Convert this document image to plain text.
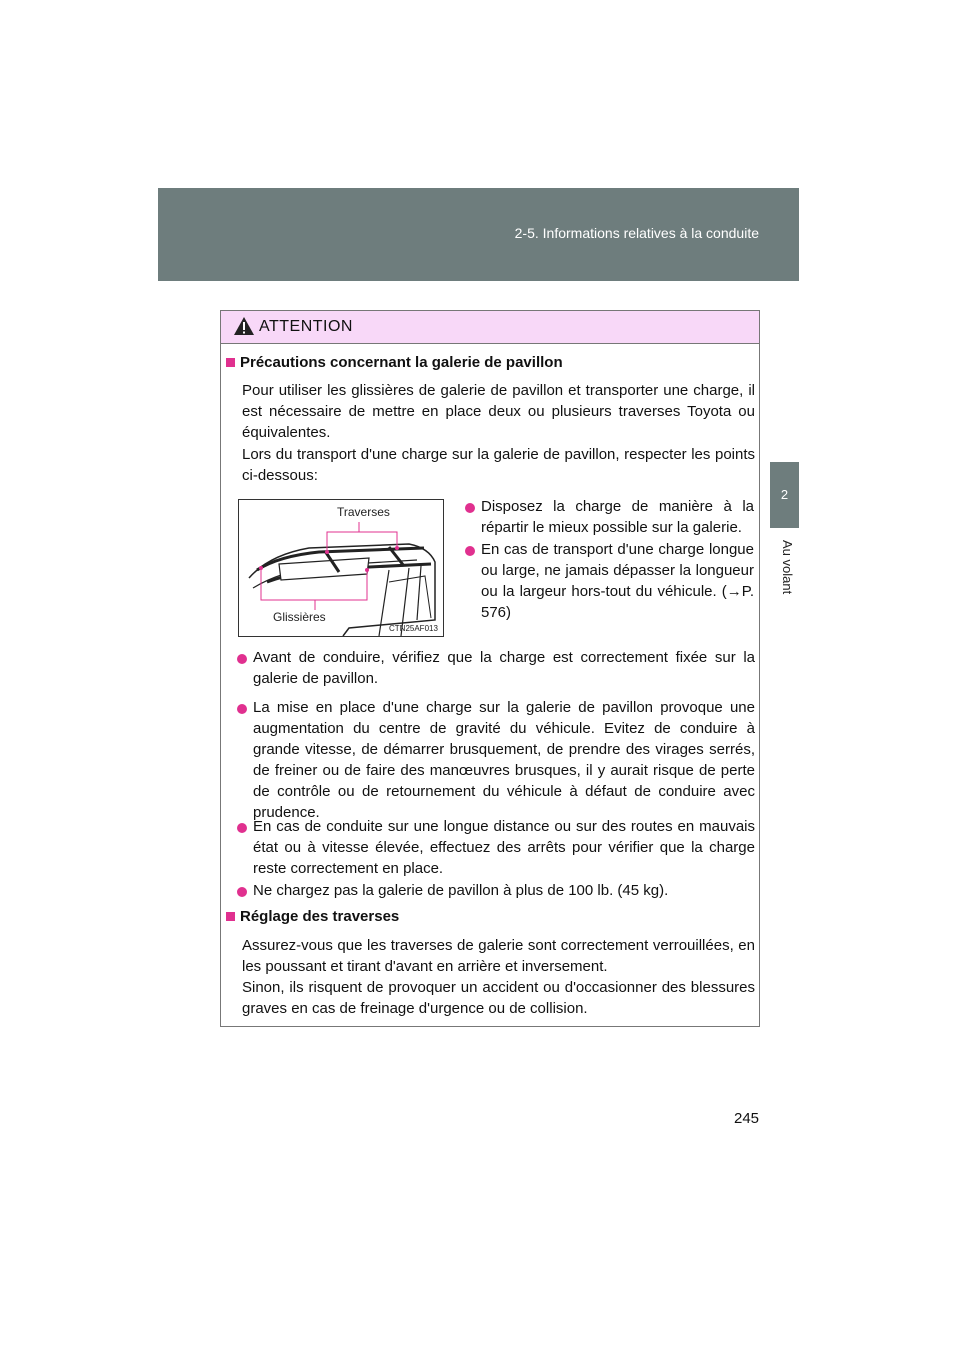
2-5. Informations relatives à la conduite
2
Au volant
ATTENTION
Précautions concernant la galerie de pavillon
Pour utiliser les glissières de galerie de pavillon et transporter une charge, il est nécessaire de mettre en place deux ou plusieurs traverses Toyota ou équivalentes.
Lors du transport d'une charge sur la galerie de pavillon, respecter les points ci-dessous:
Traverses
Glissières
CTN25AF013
Disposez la charge de manière à la répartir le mieux possible sur la galerie.
En cas de transport d'une charge longue ou large, ne jamais dépasser la longueur ou la largeur hors-tout du véhicule. (→P. 576)
Avant de conduire, vérifiez que la charge est correctement fixée sur la galerie de pavillon.
La mise en place d'une charge sur la galerie de pavillon provoque une augmentation du centre de gravité du véhicule. Evitez de conduire à grande vitesse, de démarrer brusquement, de prendre des virages serrés, de freiner ou de faire des manœuvres brusques, il y aurait risque de perte de contrôle ou de retournement du véhicule à défaut de conduire avec prudence.
En cas de conduite sur une longue distance ou sur des routes en mauvais état ou à vitesse élevée, effectuez des arrêts pour vérifier que la charge reste correctement en place.
Ne chargez pas la galerie de pavillon à plus de 100 lb. (45 kg).
Réglage des traverses
Assurez-vous que les traverses de galerie sont correctement verrouillées, en les poussant et tirant d'avant en arrière et inversement.
Sinon, ils risquent de provoquer un accident ou d'occasionner des blessures graves en cas de freinage d'urgence ou de collision.
245
